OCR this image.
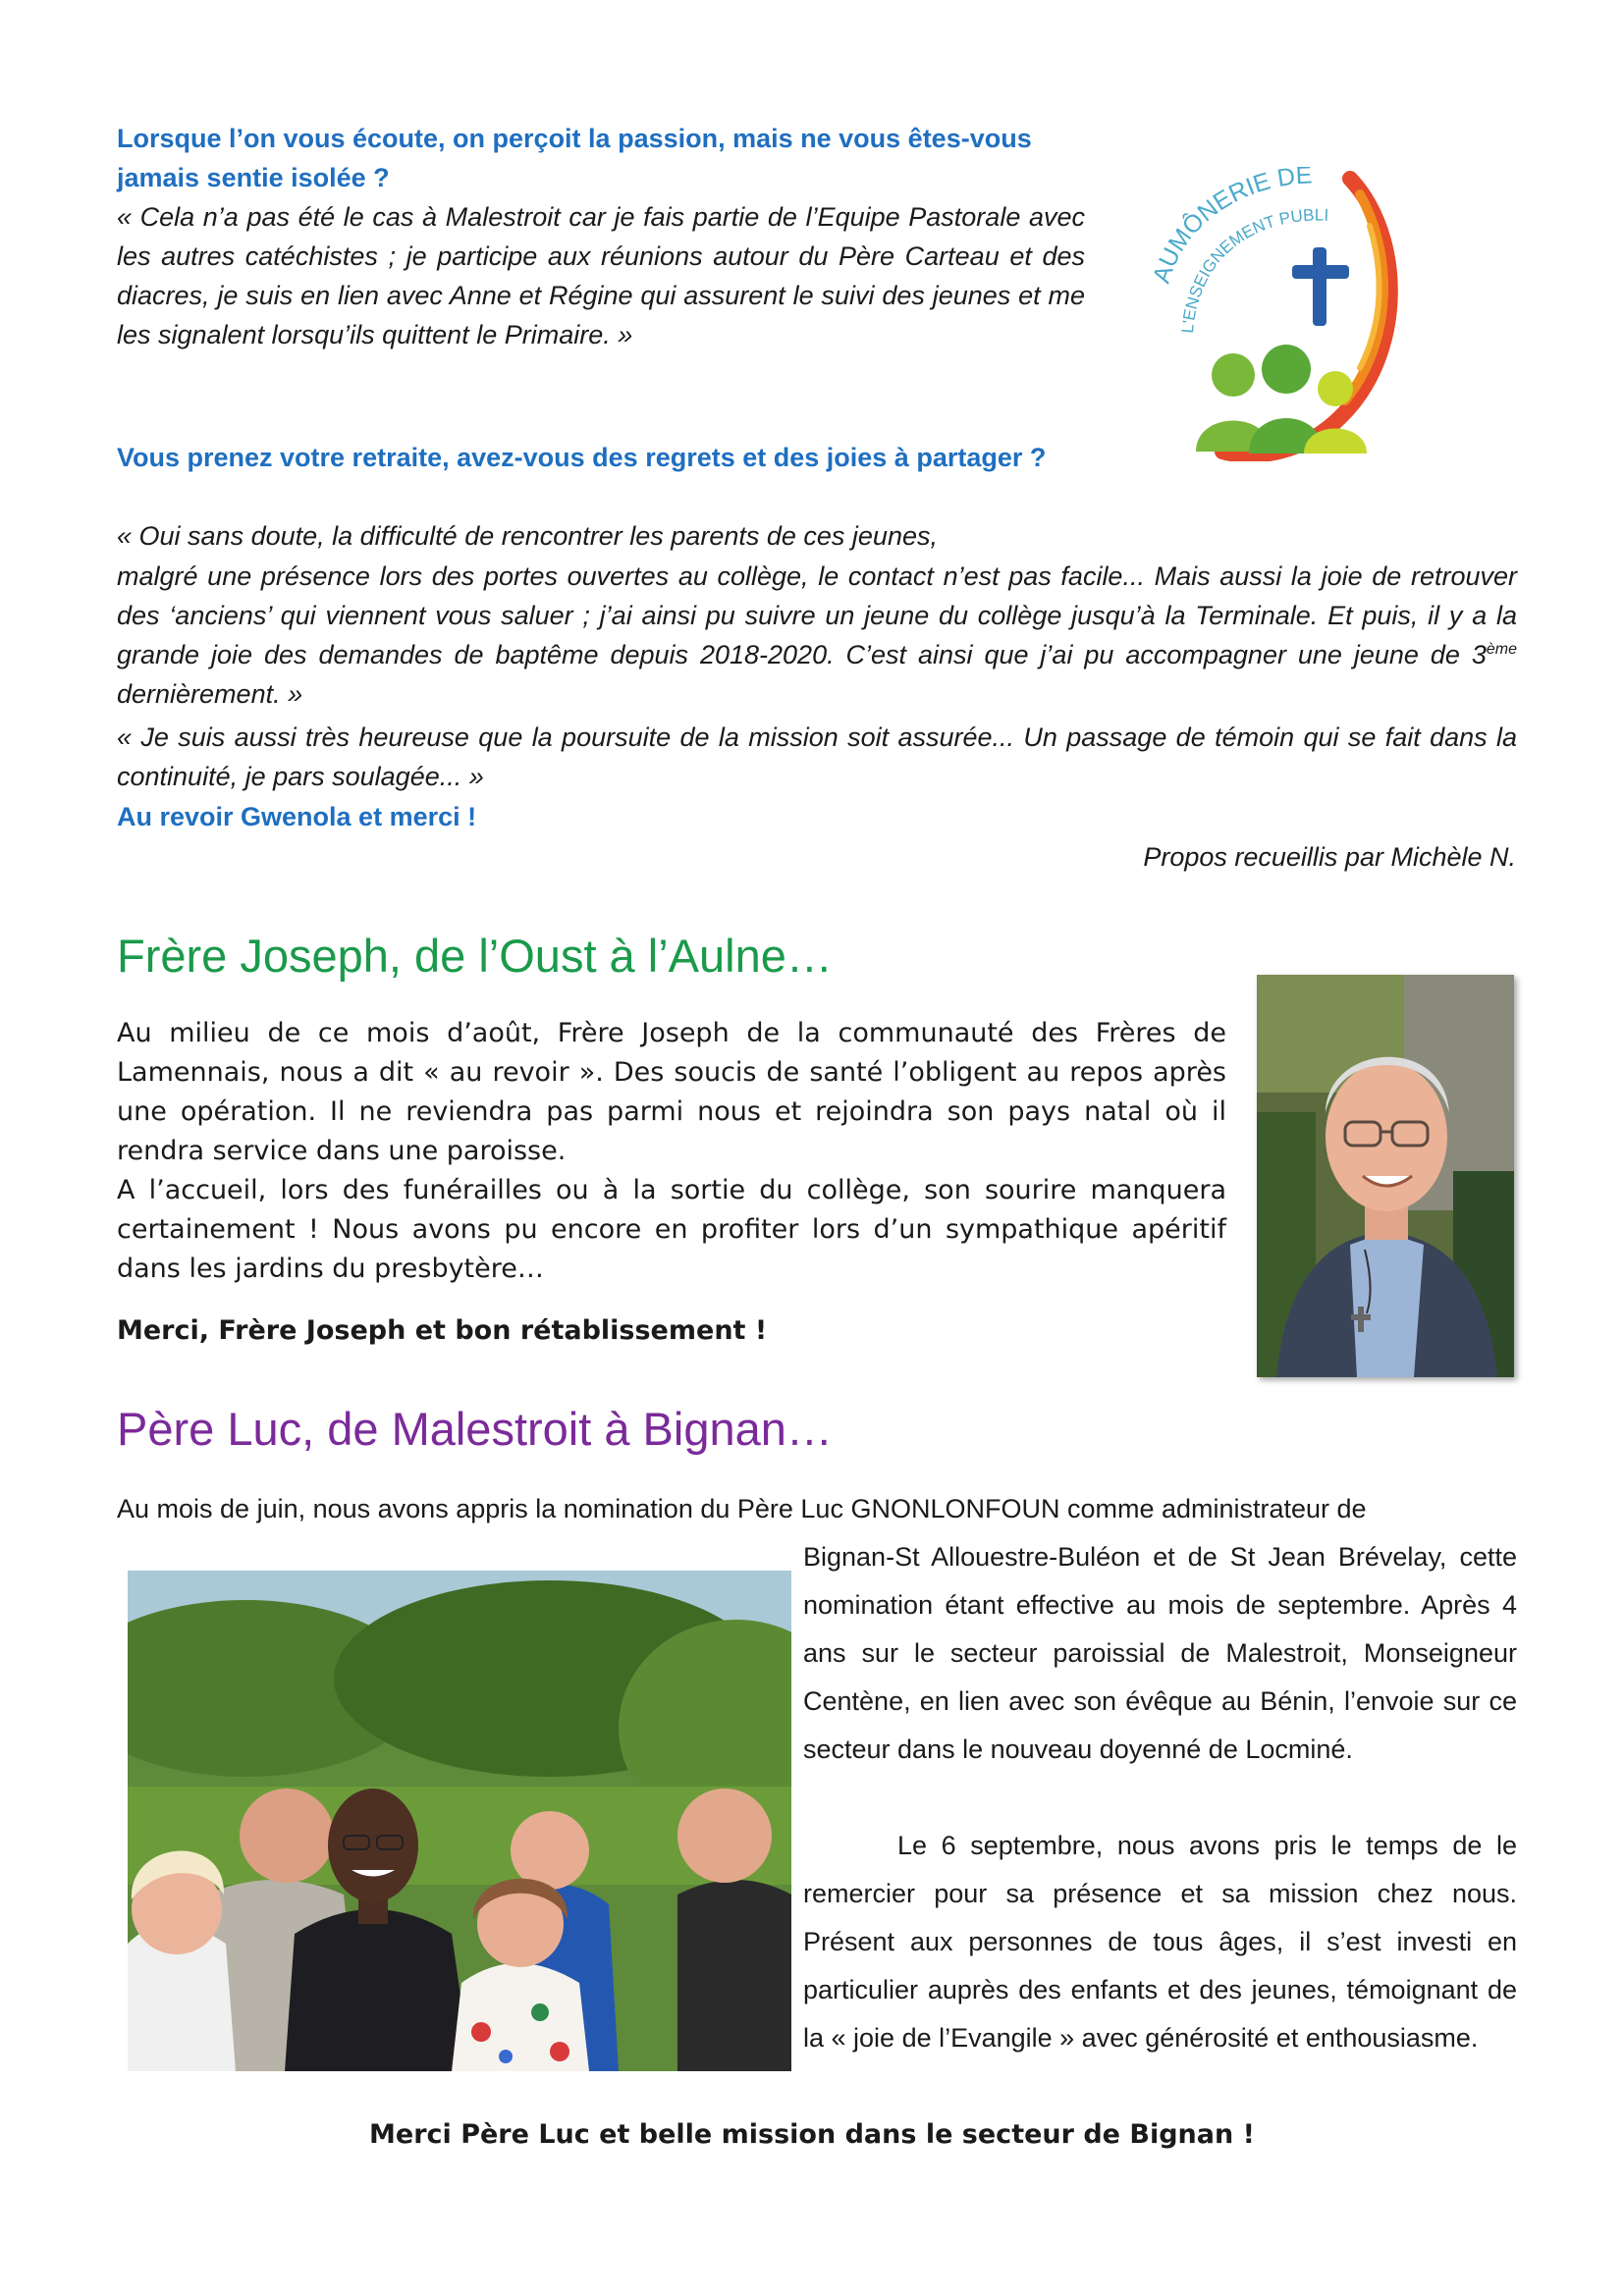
Lorsque l’on vous écoute, on perçoit la passion, mais ne vous êtes-vous jamais sentie isolée ?
« Cela n’a pas été le cas à Malestroit car je fais partie de l’Equipe Pastorale avec les autres catéchistes ; je participe aux réunions autour du Père Carteau et des diacres, je suis en lien avec Anne et Régine qui assurent le suivi des jeunes et me les signalent lorsqu’ils quittent le Primaire. »
Vous prenez votre retraite, avez-vous des regrets et des joies à partager ?
« Oui sans doute, la difficulté de rencontrer les parents de ces jeunes,
malgré une présence lors des portes ouvertes au collège, le contact n’est pas facile... Mais aussi la joie de retrouver des ‘anciens’ qui viennent vous saluer ; j’ai ainsi pu suivre un jeune du collège jusqu’à la Terminale. Et puis, il y a la grande joie des demandes de baptême depuis 2018-2020. C’est ainsi que j’ai pu accompagner une jeune de 3ème dernièrement. »
« Je suis aussi très heureuse que la poursuite de la mission soit assurée... Un passage de témoin qui se fait dans la continuité, je pars soulagée... »
Au revoir Gwenola et merci !
Propos recueillis par Michèle N.
AUMÔNERIE DE
L'ENSEIGNEMENT PUBLI
Frère Joseph, de l’Oust à l’Aulne…
Au milieu de ce mois d’août, Frère Joseph de la communauté des Frères de Lamennais, nous a dit « au revoir ». Des soucis de santé l’obligent au repos après une opération. Il ne reviendra pas parmi nous et rejoindra son pays natal où il rendra service dans une paroisse.
A l’accueil, lors des funérailles ou à la sortie du collège, son sourire manquera certainement ! Nous avons pu encore en profiter lors d’un sympathique apéritif dans les jardins du presbytère…
Merci, Frère Joseph et bon rétablissement !
Père Luc, de Malestroit à Bignan…
Au mois de juin, nous avons appris la nomination du Père Luc GNONLONFOUN comme administrateur de
Bignan-St Allouestre-Buléon et de St Jean Brévelay, cette nomination étant effective au mois de septembre. Après 4 ans sur le secteur paroissial de Malestroit, Monseigneur Centène, en lien avec son évêque au Bénin, l’envoie sur ce secteur dans le nouveau doyenné de Locminé.
Le 6 septembre, nous avons pris le temps de le remercier pour sa présence et sa mission chez nous. Présent aux personnes de tous âges, il s’est investi en particulier auprès des enfants et des jeunes, témoignant de la « joie de l’Evangile » avec générosité et enthousiasme.
Merci Père Luc et belle mission dans le secteur de Bignan !
